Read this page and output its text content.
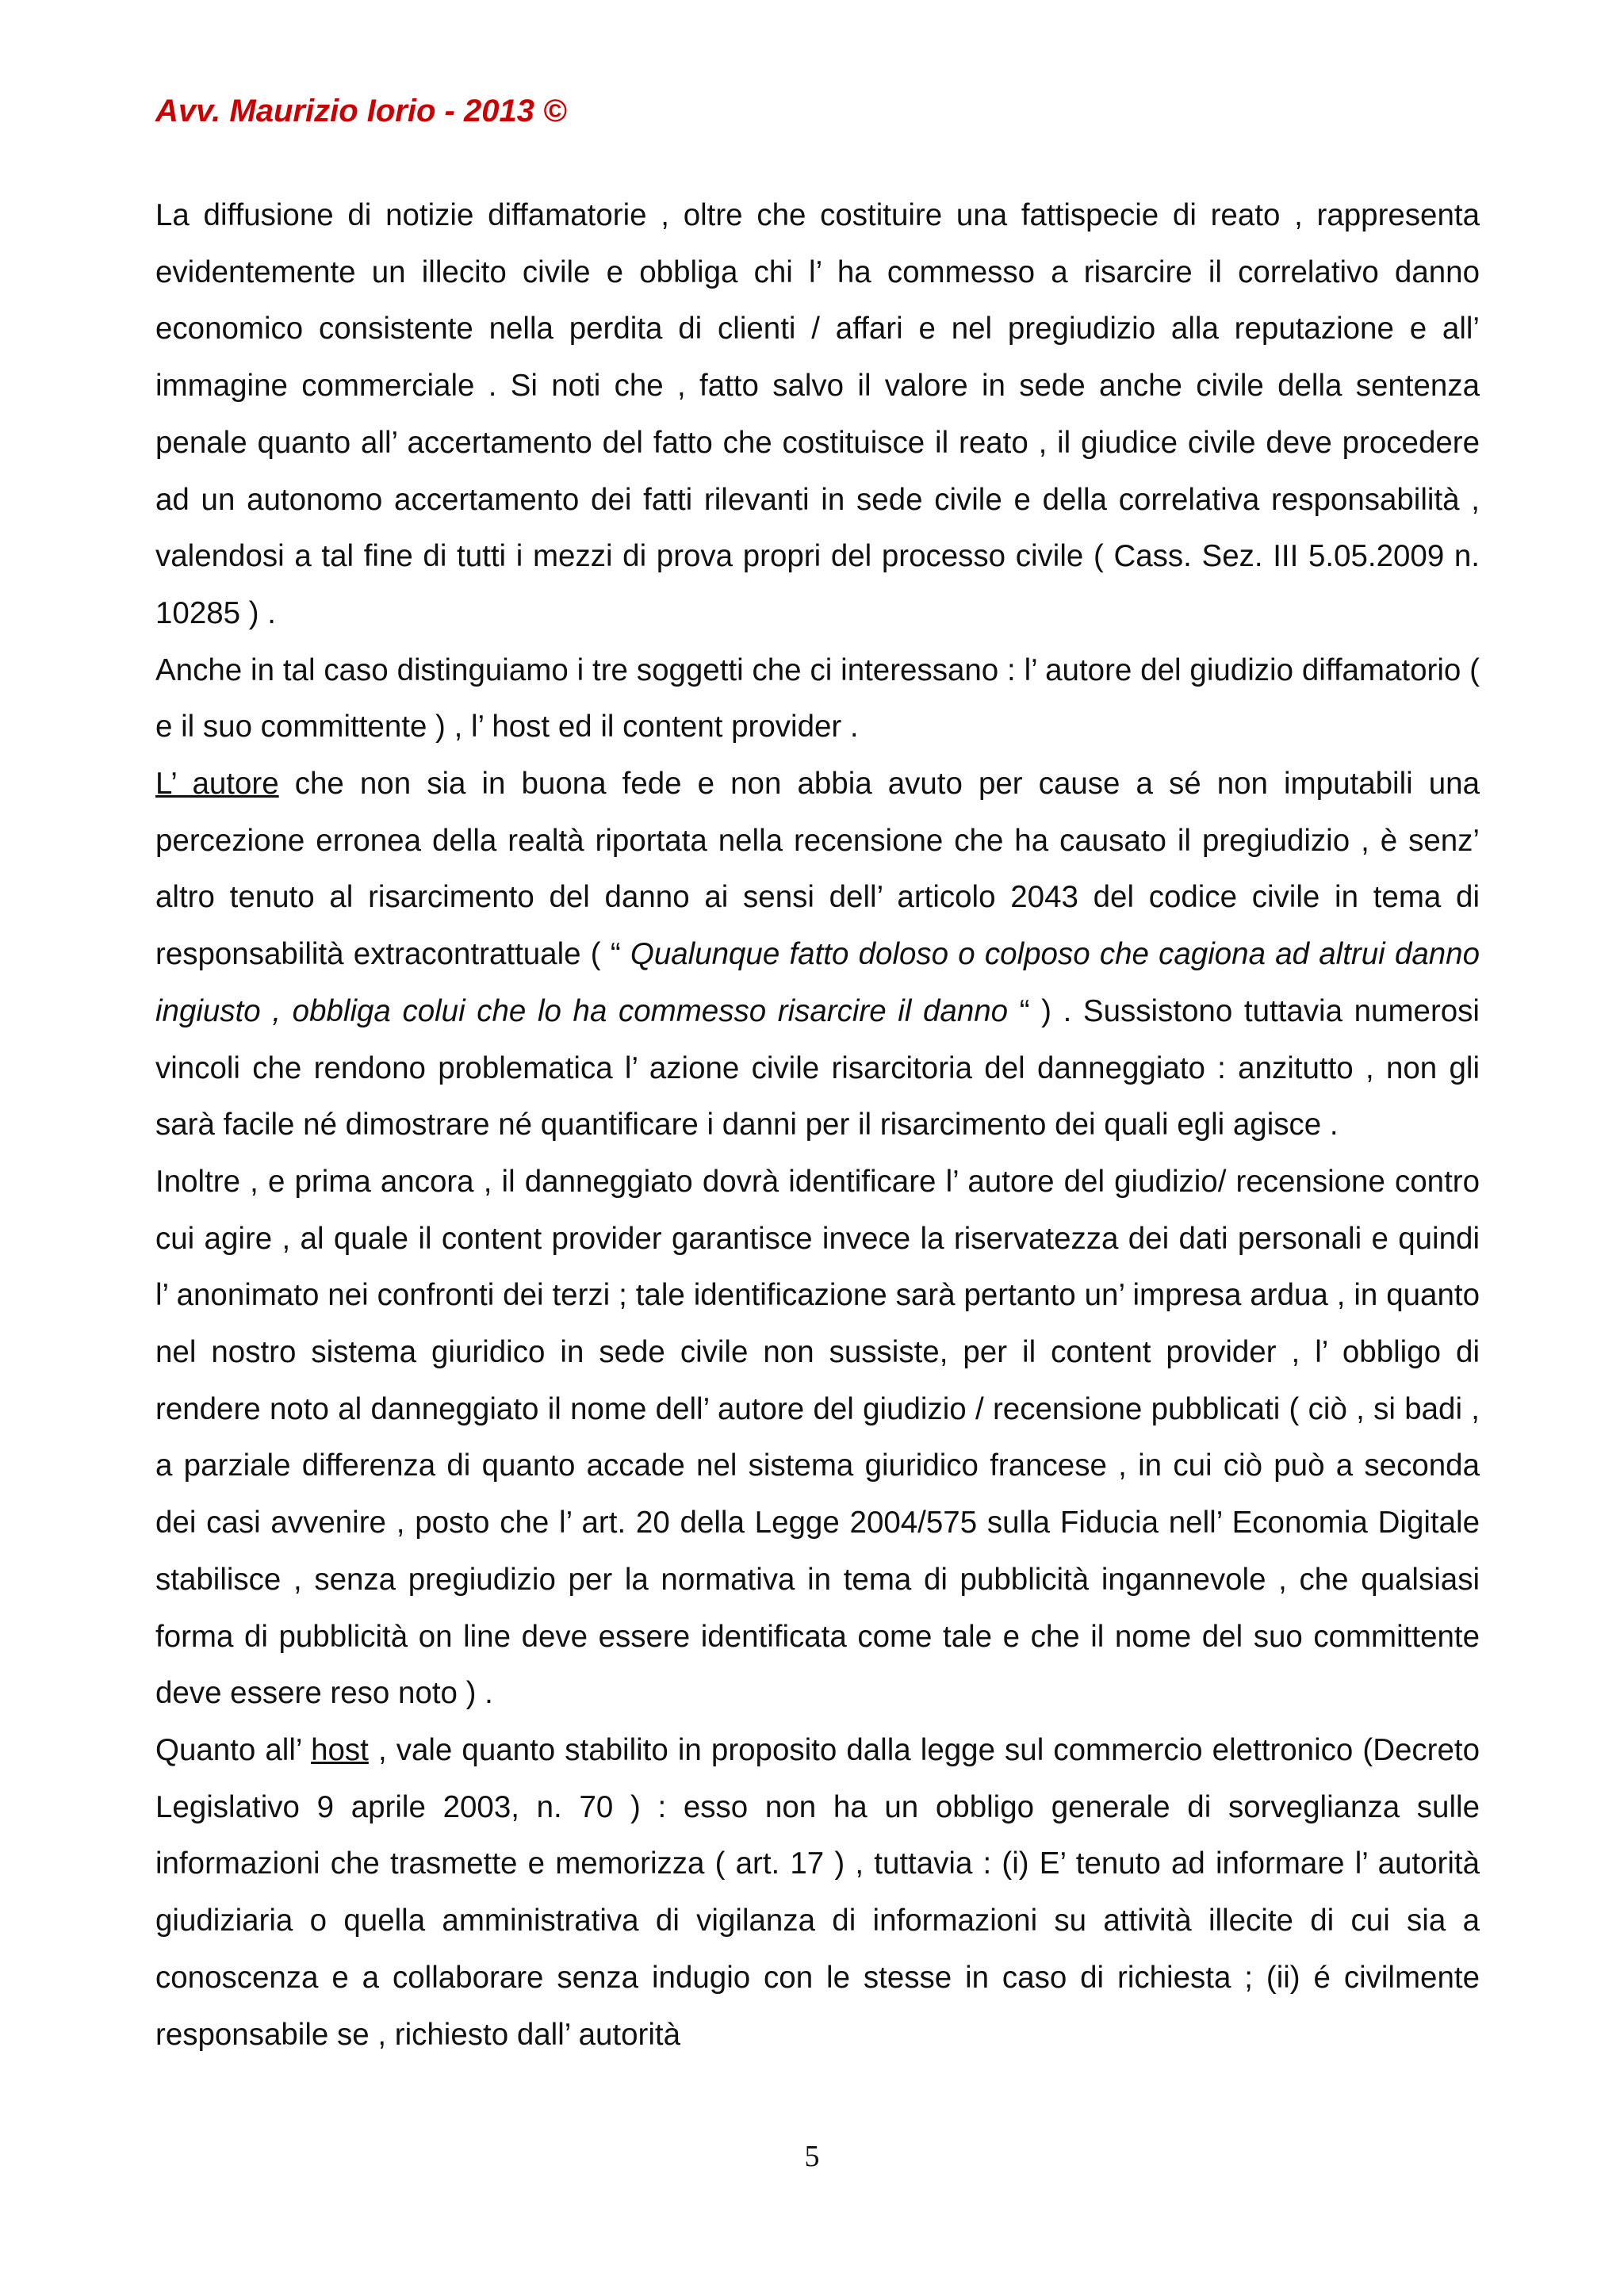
Avv. Maurizio Iorio - 2013 ©

La diffusione di notizie diffamatorie , oltre che costituire una fattispecie di reato , rappresenta evidentemente un illecito civile e obbliga chi l’ ha commesso a risarcire il correlativo danno economico consistente nella perdita di clienti / affari e nel pregiudizio alla reputazione e all’ immagine commerciale . Si noti che , fatto salvo il valore in sede anche civile della sentenza penale quanto all’ accertamento del fatto che costituisce il reato , il giudice civile deve procedere ad un autonomo accertamento dei fatti rilevanti in sede civile e della correlativa responsabilità , valendosi a tal fine di tutti i mezzi di prova propri del processo civile ( Cass. Sez. III 5.05.2009 n. 10285 ) .

Anche in tal caso distinguiamo i tre soggetti che ci interessano : l’ autore del giudizio diffamatorio ( e il suo committente ) , l’ host ed il content provider .

L’ autore che non sia in buona fede e non abbia avuto per cause a sé non imputabili una percezione erronea della realtà riportata nella recensione che ha causato il pregiudizio , è senz’ altro tenuto al risarcimento del danno ai sensi dell’ articolo 2043 del codice civile in tema di responsabilità extracontrattuale ( “ Qualunque fatto doloso o colposo che cagiona ad altrui danno ingiusto , obbliga colui che lo ha commesso risarcire il danno “ ) . Sussistono tuttavia numerosi vincoli che rendono problematica l’ azione civile risarcitoria del danneggiato : anzitutto , non gli sarà facile né dimostrare né quantificare i danni per il risarcimento dei quali egli agisce .

Inoltre , e prima ancora , il danneggiato dovrà identificare l’ autore del giudizio/ recensione contro cui agire , al quale il content provider garantisce invece la riservatezza dei dati personali e quindi l’ anonimato nei confronti dei terzi ; tale identificazione sarà pertanto un’ impresa ardua , in quanto nel nostro sistema giuridico in sede civile non sussiste, per il content provider , l’ obbligo di rendere noto al danneggiato il nome dell’ autore del giudizio / recensione pubblicati ( ciò , si badi , a parziale differenza di quanto accade nel sistema giuridico francese , in cui ciò può a seconda dei casi avvenire , posto che l’ art. 20 della Legge 2004/575 sulla Fiducia nell’ Economia Digitale stabilisce , senza pregiudizio per la normativa in tema di pubblicità ingannevole , che qualsiasi forma di pubblicità on line deve essere identificata come tale e che il nome del suo committente deve essere reso noto ) .

Quanto all’ host , vale quanto stabilito in proposito dalla legge sul commercio elettronico (Decreto Legislativo 9 aprile 2003, n. 70 ) : esso non ha un obbligo generale di sorveglianza sulle informazioni che trasmette e memorizza ( art. 17 ) , tuttavia : (i) E’ tenuto ad informare l’ autorità giudiziaria o quella amministrativa di vigilanza di informazioni su attività illecite di cui sia a conoscenza e a collaborare senza indugio con le stesse in caso di richiesta ; (ii) é civilmente responsabile se , richiesto dall’ autorità

5
